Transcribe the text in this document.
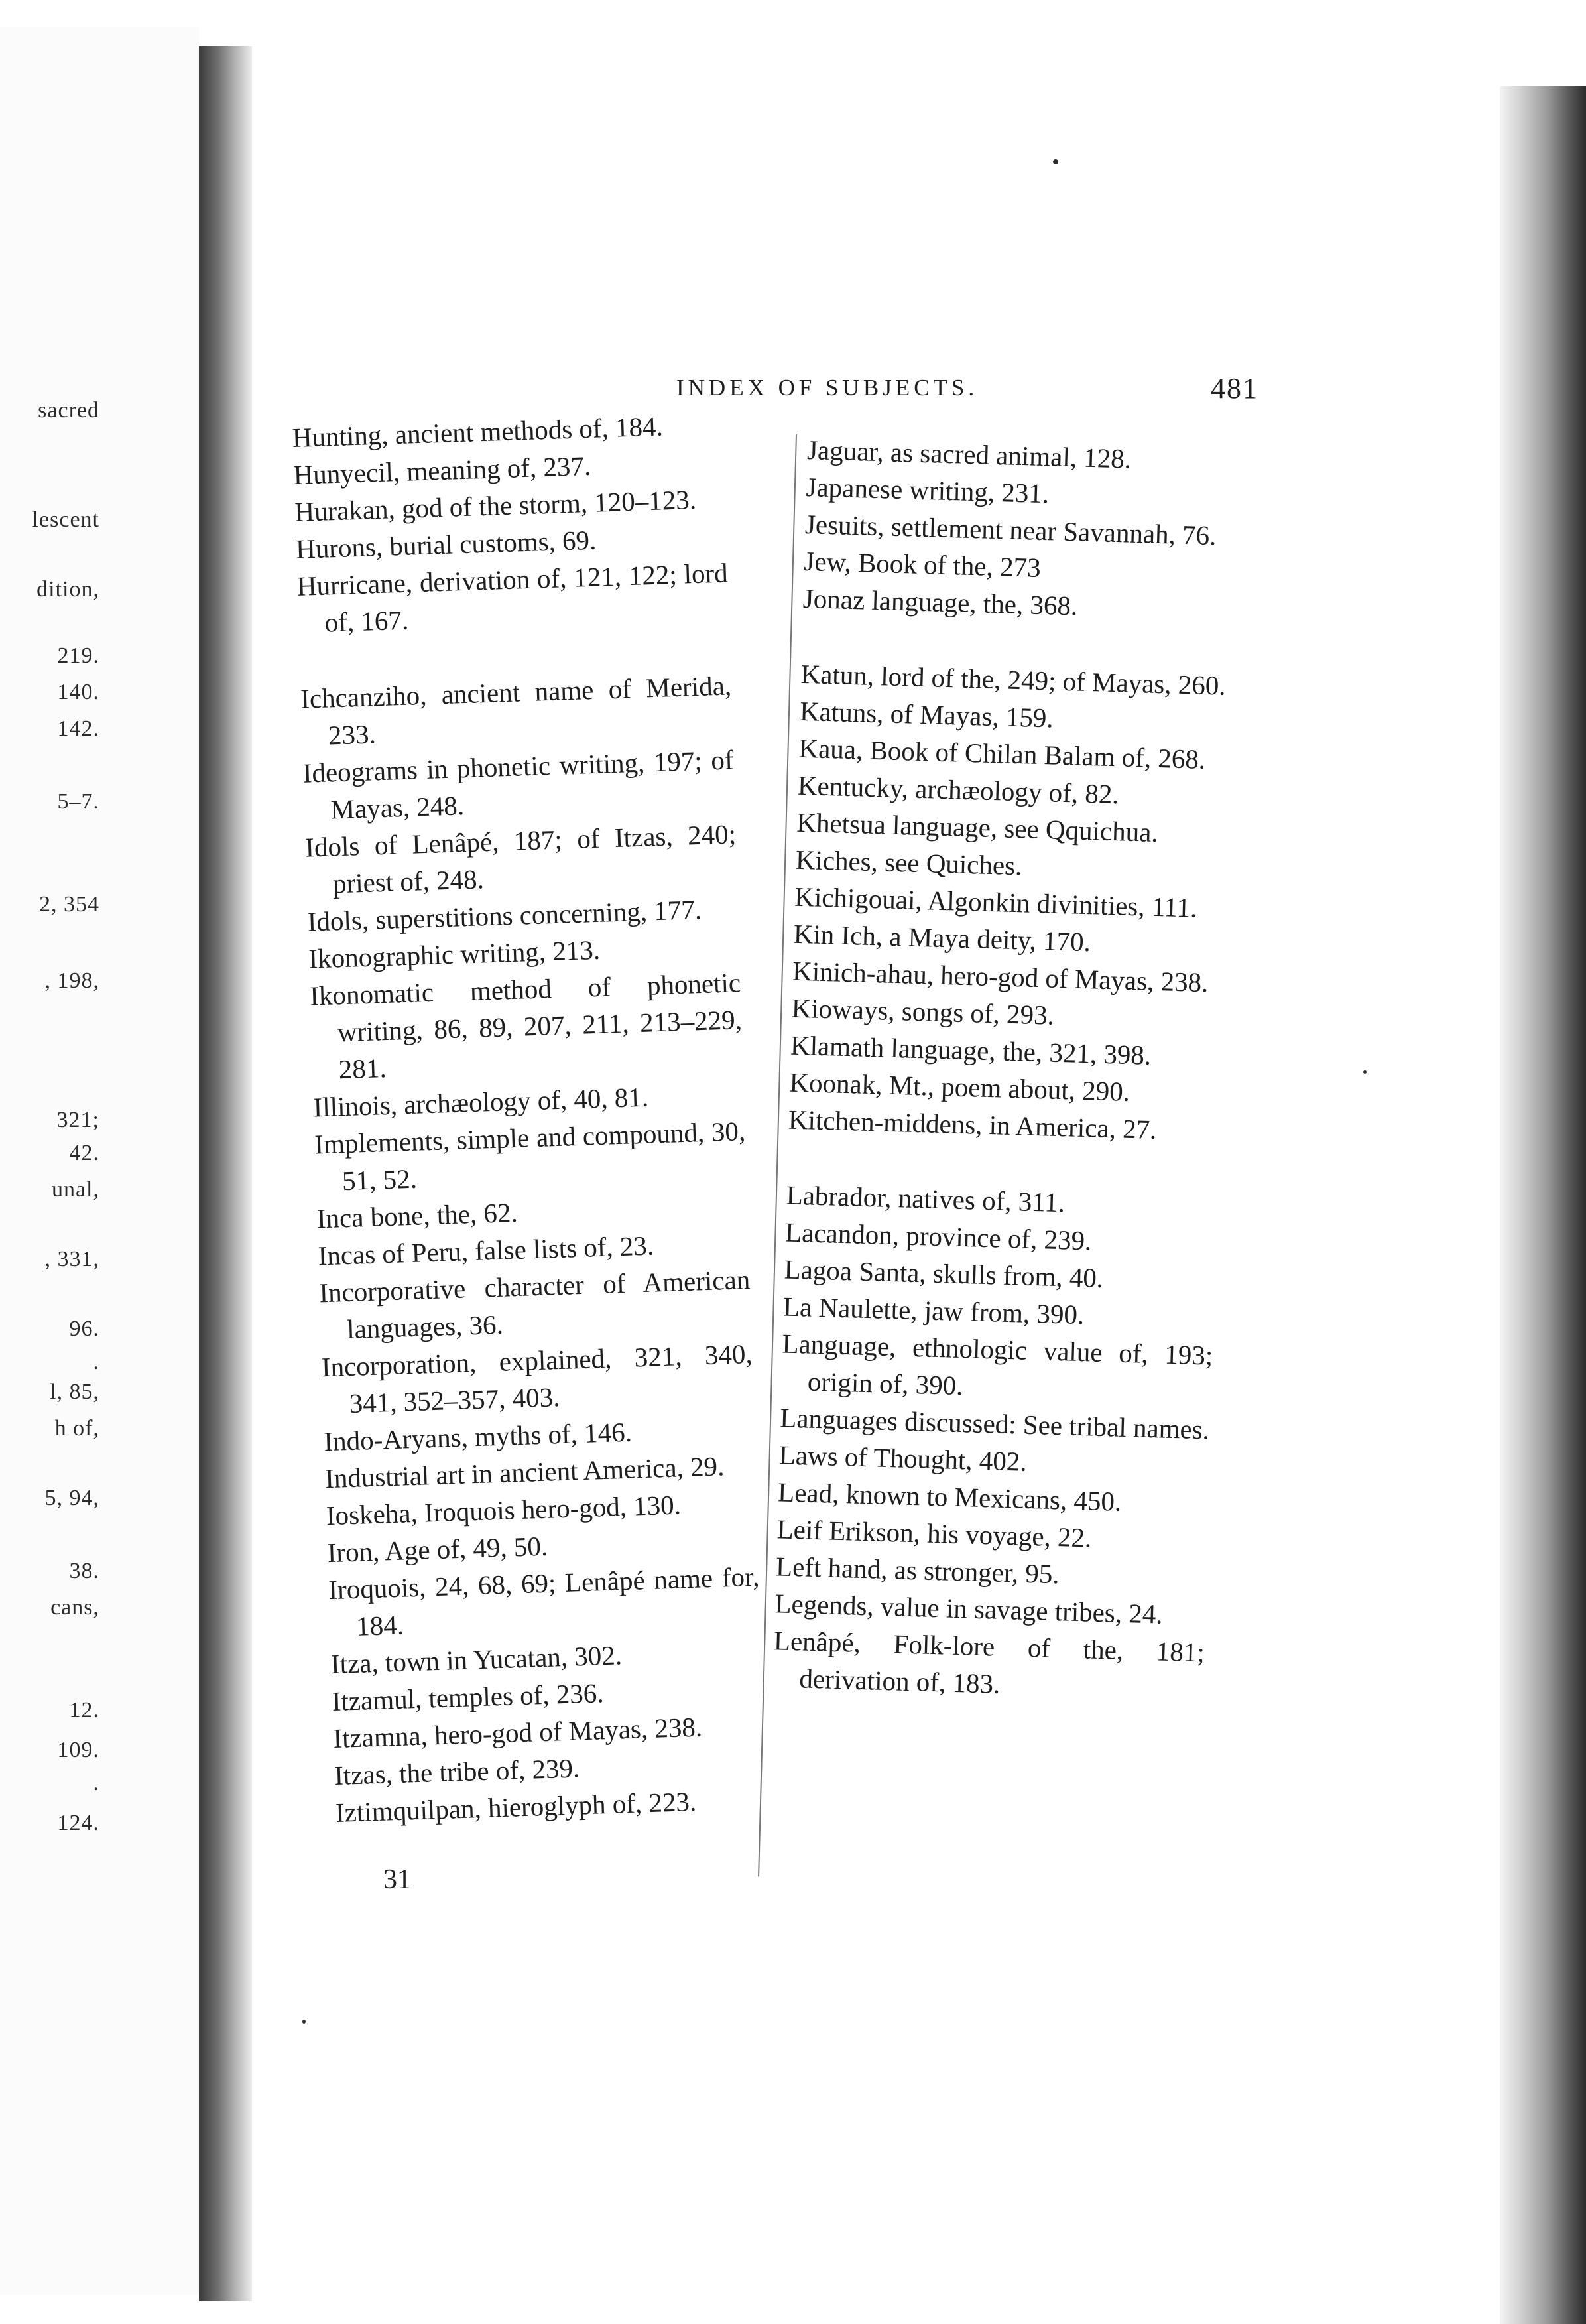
sacred
lescent
dition,
219.
140.
142.
5–7.
2, 354
, 198,
321;
42.
unal,
, 331,
96.
.
l, 85,
h of,
5, 94,
38.
cans,
12.
109.
.
124.
INDEX OF SUBJECTS.	481
Hunting, ancient methods of, 184.
Hunyecil, meaning of, 237.
Hurakan, god of the storm, 120–123.
Hurons, burial customs, 69.
Hurricane, derivation of, 121, 122; lord of, 167.
Ichcanziho, ancient name of Merida, 233.
Ideograms in phonetic writing, 197; of Mayas, 248.
Idols of Lenâpé, 187; of Itzas, 240; priest of, 248.
Idols, superstitions concerning, 177.
Ikonographic writing, 213.
Ikonomatic method of phonetic writing, 86, 89, 207, 211, 213–229, 281.
Illinois, archæology of, 40, 81.
Implements, simple and compound, 30, 51, 52.
Inca bone, the, 62.
Incas of Peru, false lists of, 23.
Incorporative character of American languages, 36.
Incorporation, explained, 321, 340, 341, 352–357, 403.
Indo-Aryans, myths of, 146.
Industrial art in ancient America, 29.
Ioskeha, Iroquois hero-god, 130.
Iron, Age of, 49, 50.
Iroquois, 24, 68, 69; Lenâpé name for, 184.
Itza, town in Yucatan, 302.
Itzamul, temples of, 236.
Itzamna, hero-god of Mayas, 238.
Itzas, the tribe of, 239.
Iztimquilpan, hieroglyph of, 223.
Jaguar, as sacred animal, 128.
Japanese writing, 231.
Jesuits, settlement near Savannah, 76.
Jew, Book of the, 273
Jonaz language, the, 368.
Katun, lord of the, 249; of Mayas, 260.
Katuns, of Mayas, 159.
Kaua, Book of Chilan Balam of, 268.
Kentucky, archæology of, 82.
Khetsua language, see Qquichua.
Kiches, see Quiches.
Kichigouai, Algonkin divinities, 111.
Kin Ich, a Maya deity, 170.
Kinich-ahau, hero-god of Mayas, 238.
Kioways, songs of, 293.
Klamath language, the, 321, 398.
Koonak, Mt., poem about, 290.
Kitchen-middens, in America, 27.
Labrador, natives of, 311.
Lacandon, province of, 239.
Lagoa Santa, skulls from, 40.
La Naulette, jaw from, 390.
Language, ethnologic value of, 193; origin of, 390.
Languages discussed: See tribal names.
Laws of Thought, 402.
Lead, known to Mexicans, 450.
Leif Erikson, his voyage, 22.
Left hand, as stronger, 95.
Legends, value in savage tribes, 24.
Lenâpé, Folk-lore of the, 181; derivation of, 183.
31
